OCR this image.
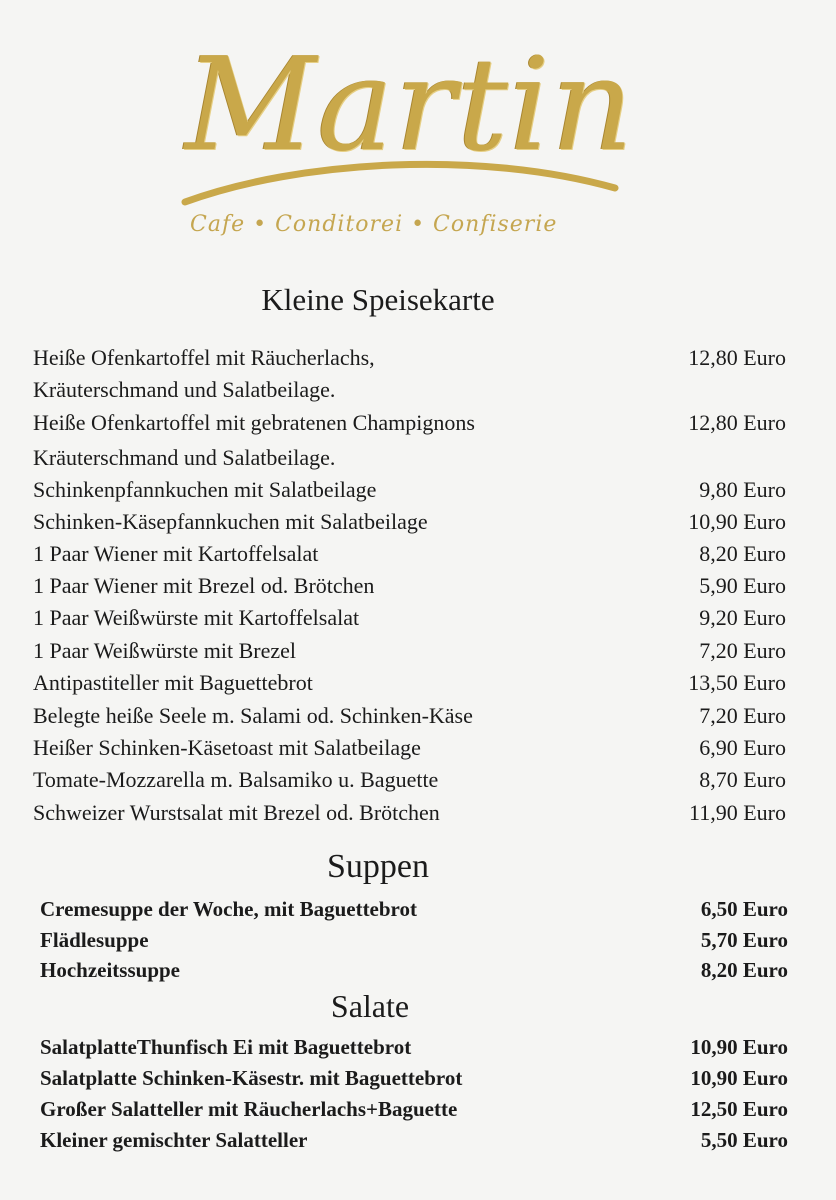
Martin
Cafe • Conditorei • Confiserie
Kleine Speisekarte
Heiße Ofenkartoffel mit Räucherlachs,	12,80 Euro
Kräuterschmand und Salatbeilage.
Heiße Ofenkartoffel mit gebratenen Champignons	12,80 Euro
Kräuterschmand und Salatbeilage.
Schinkenpfannkuchen mit Salatbeilage	9,80 Euro
Schinken-Käsepfannkuchen mit Salatbeilage	10,90 Euro
1 Paar Wiener mit Kartoffelsalat	8,20 Euro
1 Paar Wiener mit Brezel od. Brötchen	5,90 Euro
1 Paar Weißwürste mit Kartoffelsalat	9,20 Euro
1 Paar Weißwürste mit Brezel	7,20 Euro
Antipastiteller mit Baguettebrot	13,50 Euro
Belegte heiße Seele m. Salami od. Schinken-Käse	7,20 Euro
Heißer Schinken-Käsetoast mit Salatbeilage	6,90 Euro
Tomate-Mozzarella m. Balsamiko u. Baguette	8,70 Euro
Schweizer Wurstsalat mit Brezel od. Brötchen	11,90 Euro
Suppen
Cremesuppe der Woche, mit Baguettebrot	6,50 Euro
Flädlesuppe	5,70 Euro
Hochzeitssuppe	8,20 Euro
Salate
SalatplatteThunfisch Ei mit Baguettebrot	10,90 Euro
Salatplatte Schinken-Käsestr. mit Baguettebrot	10,90 Euro
Großer Salatteller mit Räucherlachs+Baguette	12,50 Euro
Kleiner gemischter Salatteller	5,50 Euro
